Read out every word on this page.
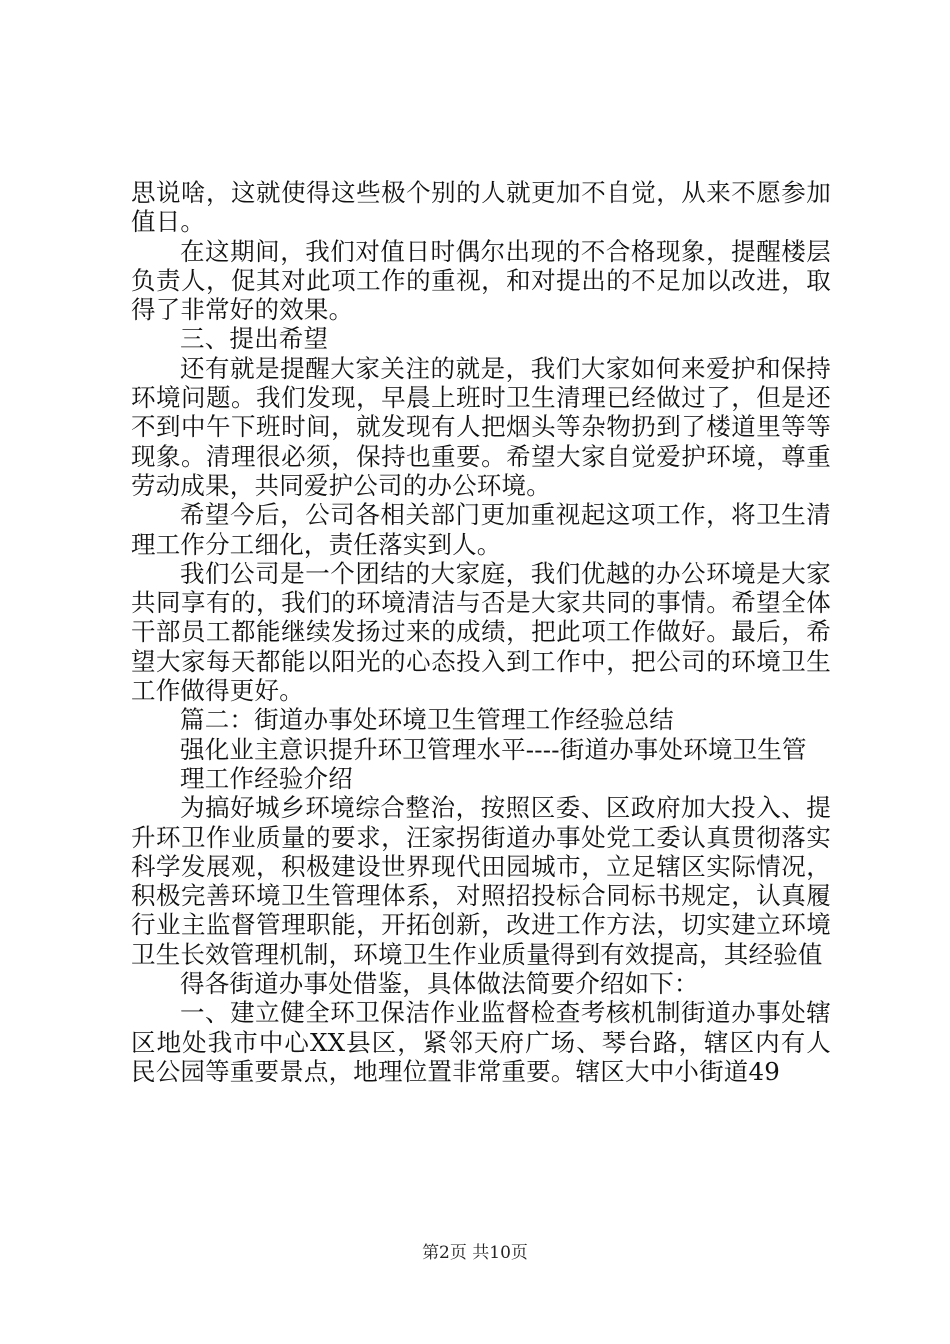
思说啥，这就使得这些极个别的人就更加不自觉，从来不愿参加值日。

在这期间，我们对值日时偶尔出现的不合格现象，提醒楼层负责人，促其对此项工作的重视，和对提出的不足加以改进，取得了非常好的效果。

三、提出希望

还有就是提醒大家关注的就是，我们大家如何来爱护和保持环境问题。我们发现，早晨上班时卫生清理已经做过了，但是还不到中午下班时间，就发现有人把烟头等杂物扔到了楼道里等等现象。清理很必须，保持也重要。希望大家自觉爱护环境，尊重劳动成果，共同爱护公司的办公环境。

希望今后，公司各相关部门更加重视起这项工作，将卫生清理工作分工细化，责任落实到人。

我们公司是一个团结的大家庭，我们优越的办公环境是大家共同享有的，我们的环境清洁与否是大家共同的事情。希望全体干部员工都能继续发扬过来的成绩，把此项工作做好。最后，希望大家每天都能以阳光的心态投入到工作中，把公司的环境卫生工作做得更好。

篇二：街道办事处环境卫生管理工作经验总结

强化业主意识提升环卫管理水平----街道办事处环境卫生管

理工作经验介绍

为搞好城乡环境综合整治，按照区委、区政府加大投入、提升环卫作业质量的要求，汪家拐街道办事处党工委认真贯彻落实科学发展观，积极建设世界现代田园城市，立足辖区实际情况，积极完善环境卫生管理体系，对照招投标合同标书规定，认真履行业主监督管理职能，开拓创新，改进工作方法，切实建立环境卫生长效管理机制，环境卫生作业质量得到有效提高，其经验值

得各街道办事处借鉴，具体做法简要介绍如下：

一、建立健全环卫保洁作业监督检查考核机制街道办事处辖区地处我市中心XX县区，紧邻天府广场、琴台路，辖区内有人民公园等重要景点，地理位置非常重要。辖区大中小街道49

第2页 共10页
